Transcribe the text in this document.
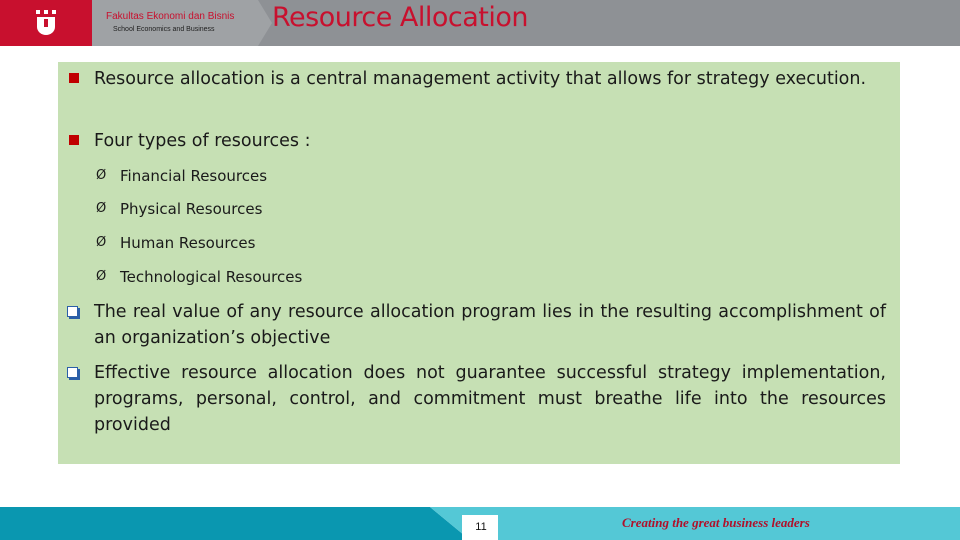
Fakultas Ekonomi dan Bisnis
School Economics and Business Resource Allocation
Resource allocation is a central management activity that allows for strategy execution.
Four types of resources :
Ø Financial Resources
Ø Physical Resources
Ø Human Resources
Ø Technological Resources
The real value of any resource allocation program lies in the resulting accomplishment of an organization’s objective
Effective resource allocation does not guarantee successful strategy implementation, programs, personal, control, and commitment must breathe life into the resources provided
11	Creating the great business leaders
